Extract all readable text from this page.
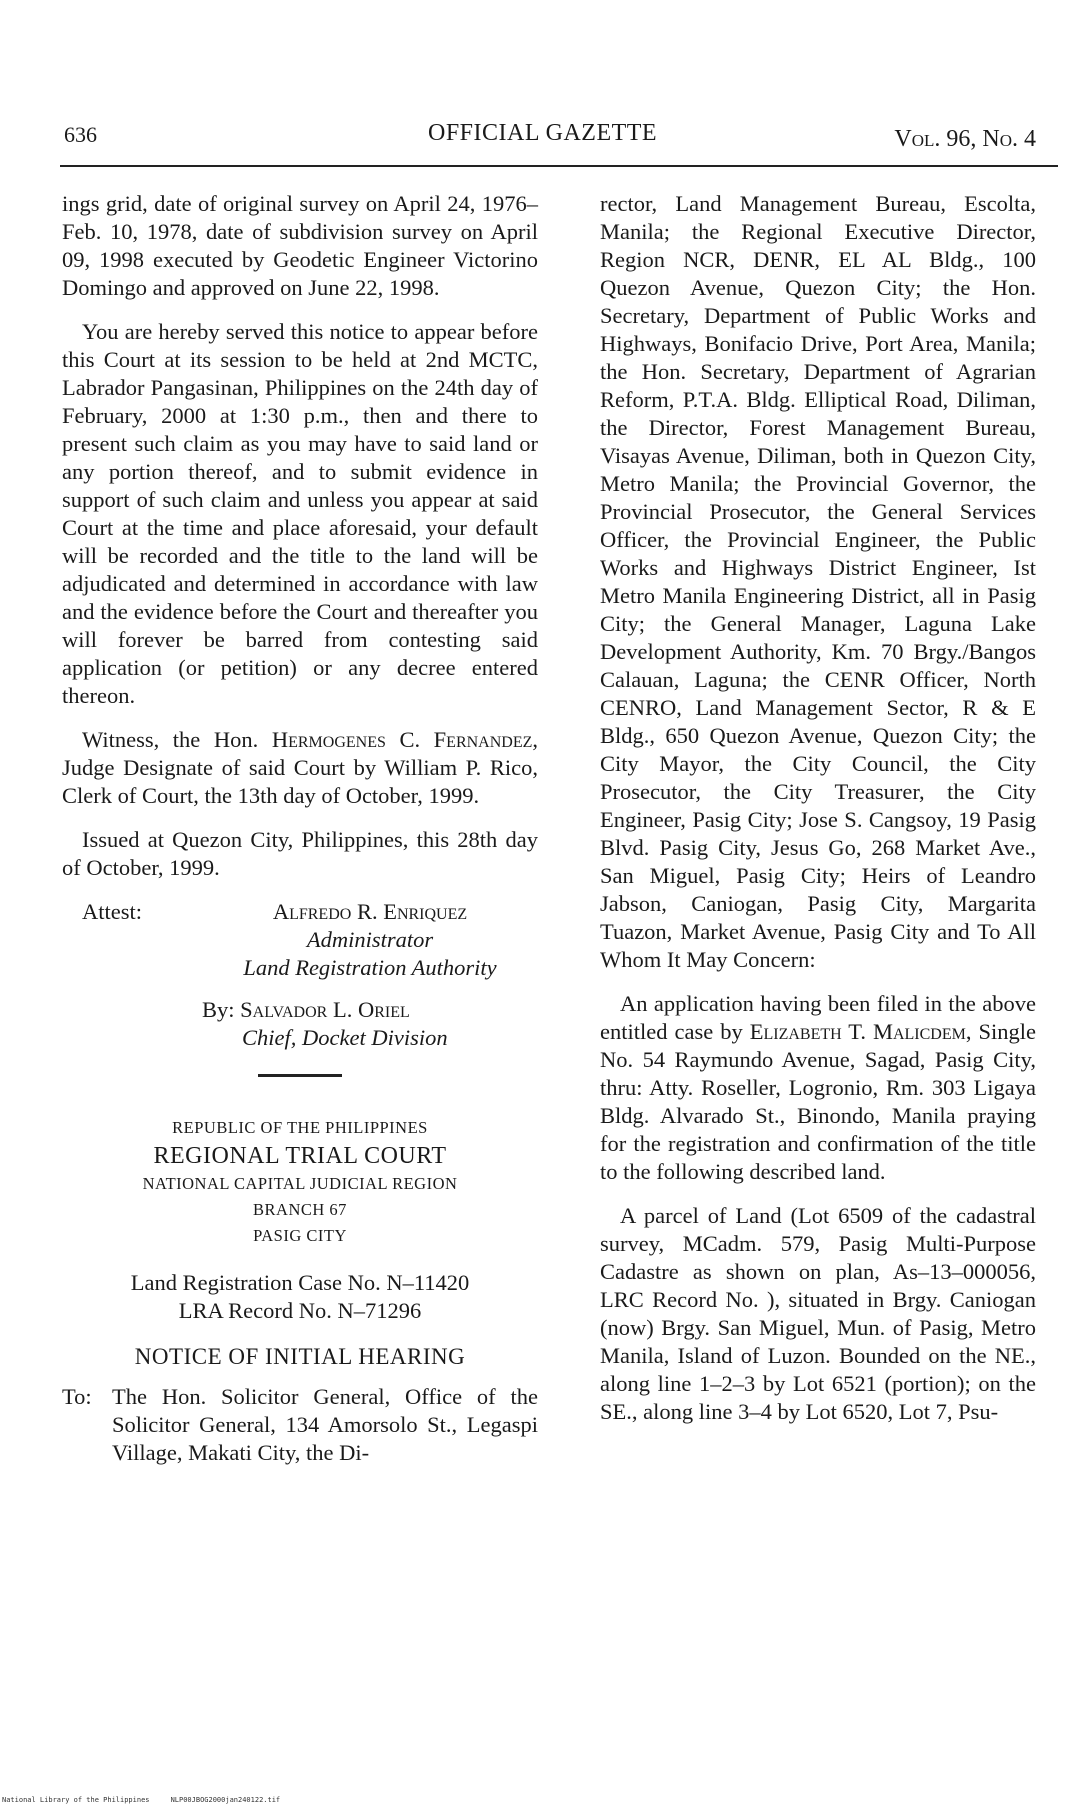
636	OFFICIAL GAZETTE	Vol. 96, No. 4

ings grid, date of original survey on April 24, 1976–Feb. 10, 1978, date of subdivision survey on April 09, 1998 executed by Geodetic Engineer Victorino Domingo and approved on June 22, 1998.

You are hereby served this notice to appear before this Court at its session to be held at 2nd MCTC, Labrador Pangasinan, Philippines on the 24th day of February, 2000 at 1:30 p.m., then and there to present such claim as you may have to said land or any portion thereof, and to submit evidence in support of such claim and unless you appear at said Court at the time and place aforesaid, your default will be recorded and the title to the land will be adjudicated and determined in accordance with law and the evidence before the Court and thereafter you will forever be barred from contesting said application (or petition) or any decree entered thereon.

Witness, the Hon. Hermogenes C. Fernandez, Judge Designate of said Court by William P. Rico, Clerk of Court, the 13th day of October, 1999.

Issued at Quezon City, Philippines, this 28th day of October, 1999.

Attest:	Alfredo R. Enriquez
Administrator
Land Registration Authority
By: Salvador L. Oriel
Chief, Docket Division
REPUBLIC OF THE PHILIPPINES
REGIONAL TRIAL COURT
NATIONAL CAPITAL JUDICIAL REGION
BRANCH 67
PASIG CITY
Land Registration Case No. N–11420
LRA Record No. N–71296
NOTICE OF INITIAL HEARING
To: The Hon. Solicitor General, Office of the Solicitor General, 134 Amorsolo St., Legaspi Village, Makati City, the Di-

rector, Land Management Bureau, Escolta, Manila; the Regional Executive Director, Region NCR, DENR, EL AL Bldg., 100 Quezon Avenue, Quezon City; the Hon. Secretary, Department of Public Works and Highways, Bonifacio Drive, Port Area, Manila; the Hon. Secretary, Department of Agrarian Reform, P.T.A. Bldg. Elliptical Road, Diliman, the Director, Forest Management Bureau, Visayas Avenue, Diliman, both in Quezon City, Metro Manila; the Provincial Governor, the Provincial Prosecutor, the General Services Officer, the Provincial Engineer, the Public Works and Highways District Engineer, Ist Metro Manila Engineering District, all in Pasig City; the General Manager, Laguna Lake Development Authority, Km. 70 Brgy./Bangos Calauan, Laguna; the CENR Officer, North CENRO, Land Management Sector, R & E Bldg., 650 Quezon Avenue, Quezon City; the City Mayor, the City Council, the City Prosecutor, the City Treasurer, the City Engineer, Pasig City; Jose S. Cangsoy, 19 Pasig Blvd. Pasig City, Jesus Go, 268 Market Ave., San Miguel, Pasig City; Heirs of Leandro Jabson, Caniogan, Pasig City, Margarita Tuazon, Market Avenue, Pasig City and To All Whom It May Concern:

An application having been filed in the above entitled case by Elizabeth T. Malicdem, Single No. 54 Raymundo Avenue, Sagad, Pasig City, thru: Atty. Roseller, Logronio, Rm. 303 Ligaya Bldg. Alvarado St., Binondo, Manila praying for the registration and confirmation of the title to the following described land.

A parcel of Land (Lot 6509 of the cadastral survey, MCadm. 579, Pasig Multi-Purpose Cadastre as shown on plan, As–13–000056, LRC Record No. ), situated in Brgy. Caniogan (now) Brgy. San Miguel, Mun. of Pasig, Metro Manila, Island of Luzon. Bounded on the NE., along line 1–2–3 by Lot 6521 (portion); on the SE., along line 3–4 by Lot 6520, Lot 7, Psu-

National Library of the Philippines     NLP00JBOG2000jan240122.tif
